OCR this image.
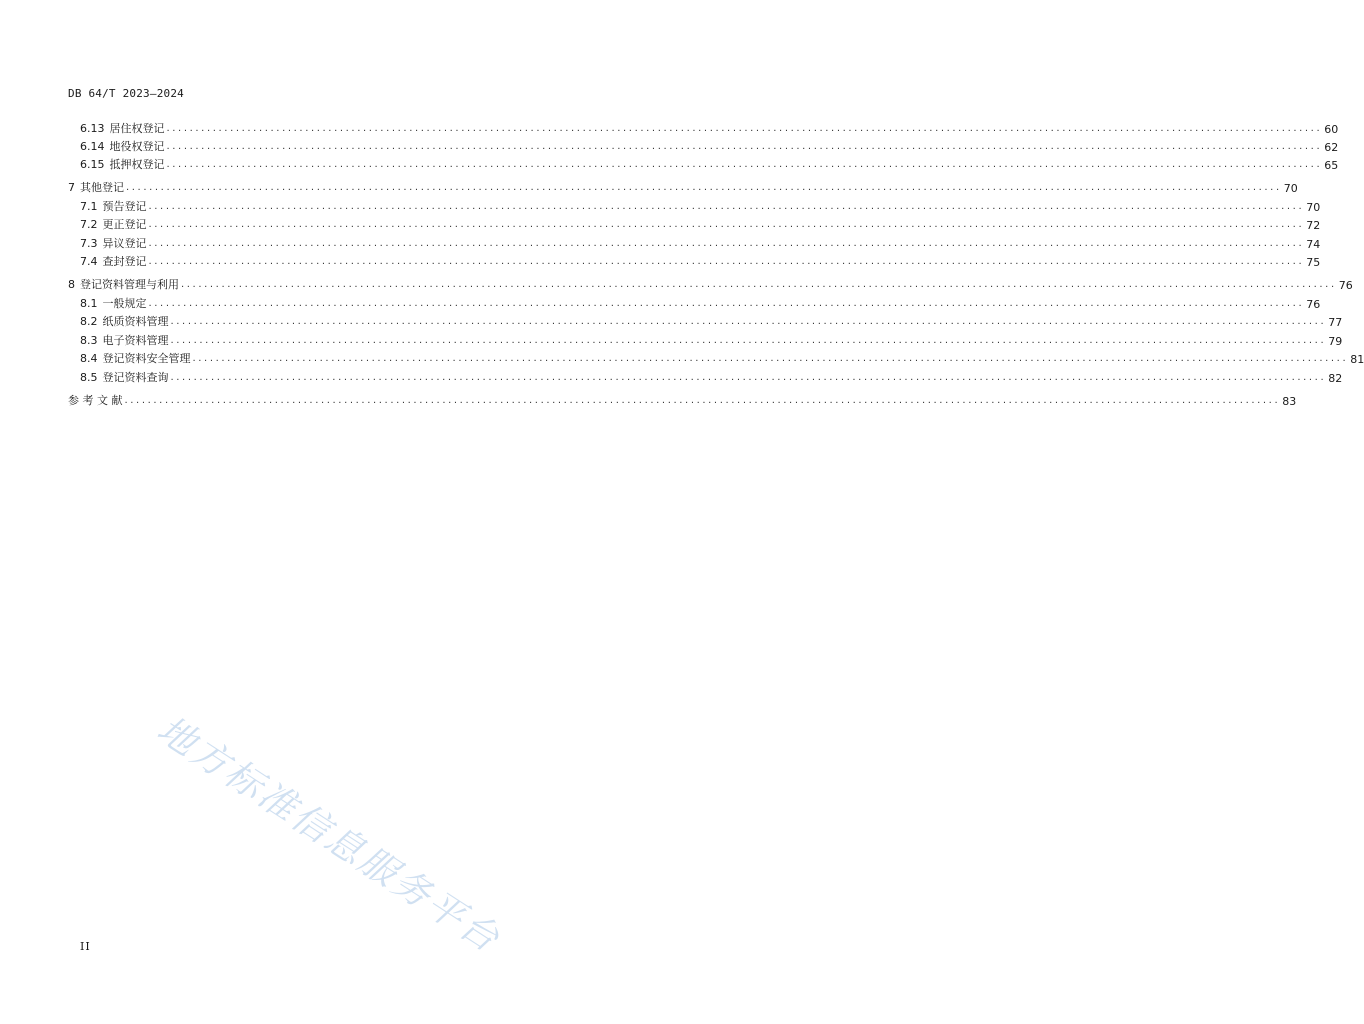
DB 64/T 2023—2024
6.13 居住权登记 ........................................................................................................................................................................................................ 60
6.14 地役权登记 ........................................................................................................................................................................................................ 62
6.15 抵押权登记 ........................................................................................................................................................................................................ 65
7 其他登记 ........................................................................................................................................................................................................ 70
7.1 预告登记 ........................................................................................................................................................................................................ 70
7.2 更正登记 ........................................................................................................................................................................................................ 72
7.3 异议登记 ........................................................................................................................................................................................................ 74
7.4 查封登记 ........................................................................................................................................................................................................ 75
8 登记资料管理与利用 ........................................................................................................................................................................................................ 76
8.1 一般规定 ........................................................................................................................................................................................................ 76
8.2 纸质资料管理 ........................................................................................................................................................................................................ 77
8.3 电子资料管理 ........................................................................................................................................................................................................ 79
8.4 登记资料安全管理 ........................................................................................................................................................................................................ 81
8.5 登记资料查询 ........................................................................................................................................................................................................ 82
参 考 文 献 ........................................................................................................................................................................................................ 83
地方标准信息服务平台
II
